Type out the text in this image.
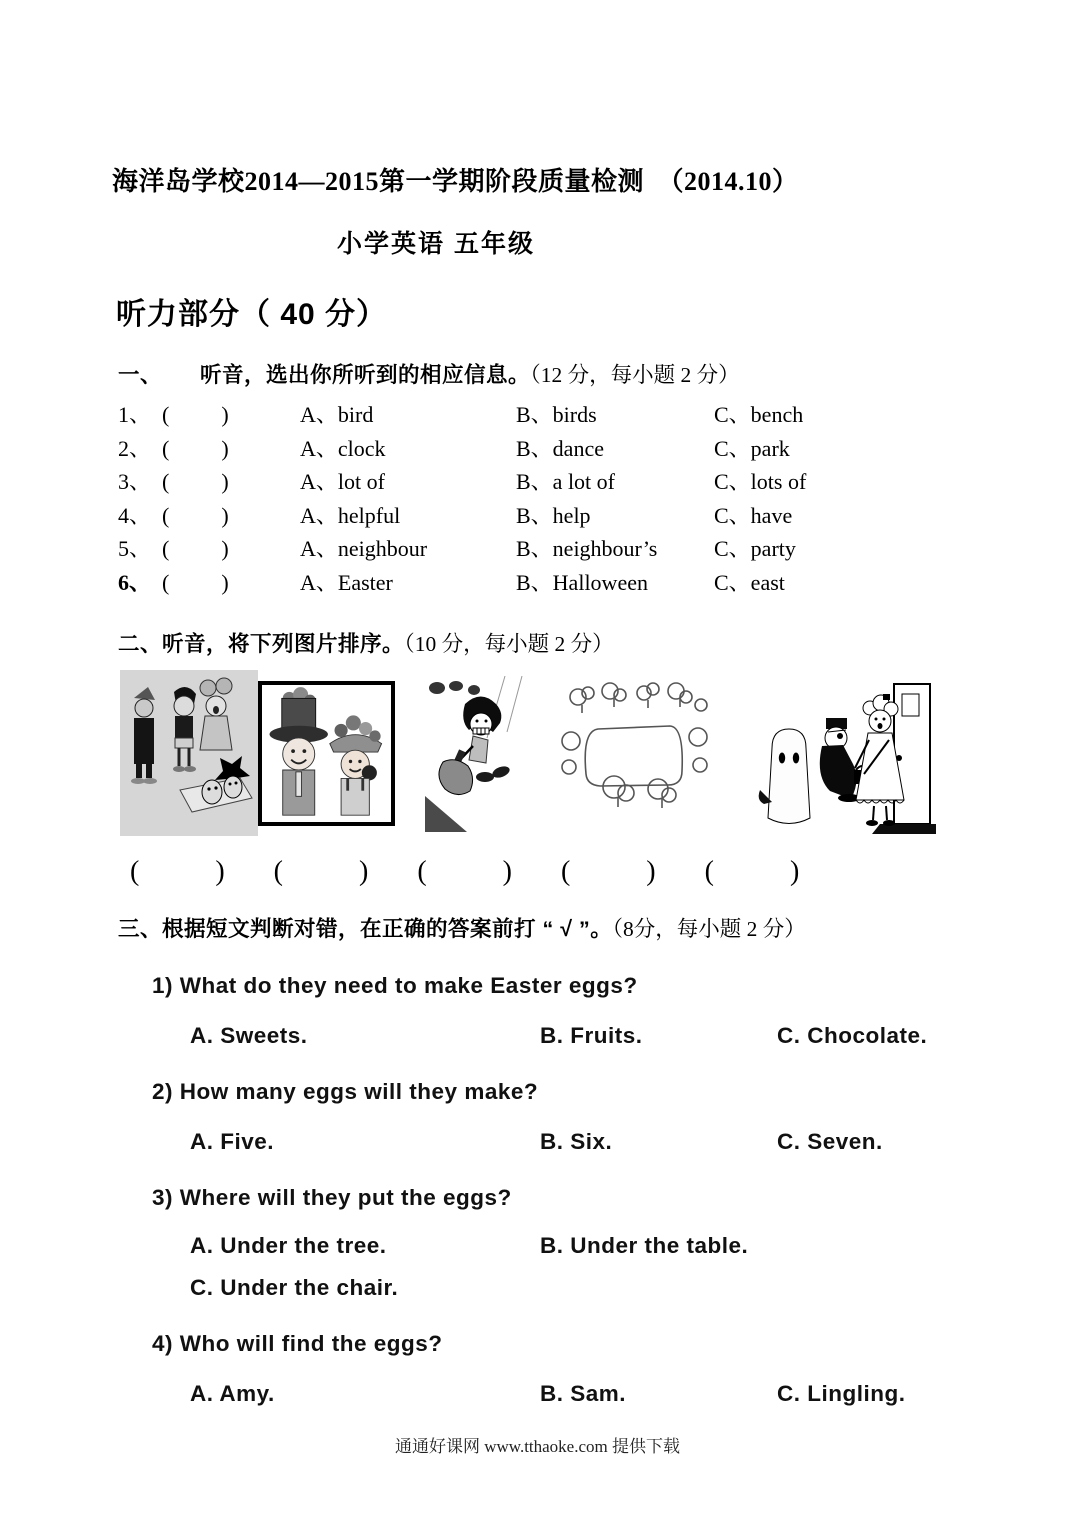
海洋岛学校2014—2015第一学期阶段质量检测　（2014.10）
小学英语 五年级
听力部分（ 40 分）
一、 听音，选出你所听到的相应信息。（12 分，每小题 2 分）
1、 ( )	A、bird	B、birds	C、bench
2、 ( )	A、clock	B、dance	C、park
3、 ( )	A、lot of	B、a lot of	C、lots of
4、 ( )	A、helpful	B、help	C、have
5、 ( )	A、neighbour	B、neighbour’s	C、party
6、 ( )	A、Easter	B、Halloween	C、east
二、听音，将下列图片排序。（10 分，每小题 2 分）
(	) (	) (	) (	) (	)
三、根据短文判断对错，在正确的答案前打 “ √ ”。（8分，每小题 2 分）
1) What do they need to make Easter eggs?
A. Sweets.	B. Fruits.	C. Chocolate.
2) How many eggs will they make?
A. Five.	B. Six.	C. Seven.
3) Where will they put the eggs?
A. Under the tree.	B. Under the table.
C. Under the chair.
4) Who will find the eggs?
A. Amy.	B. Sam.	C. Lingling.
通通好课网 www.tthaoke.com 提供下载
